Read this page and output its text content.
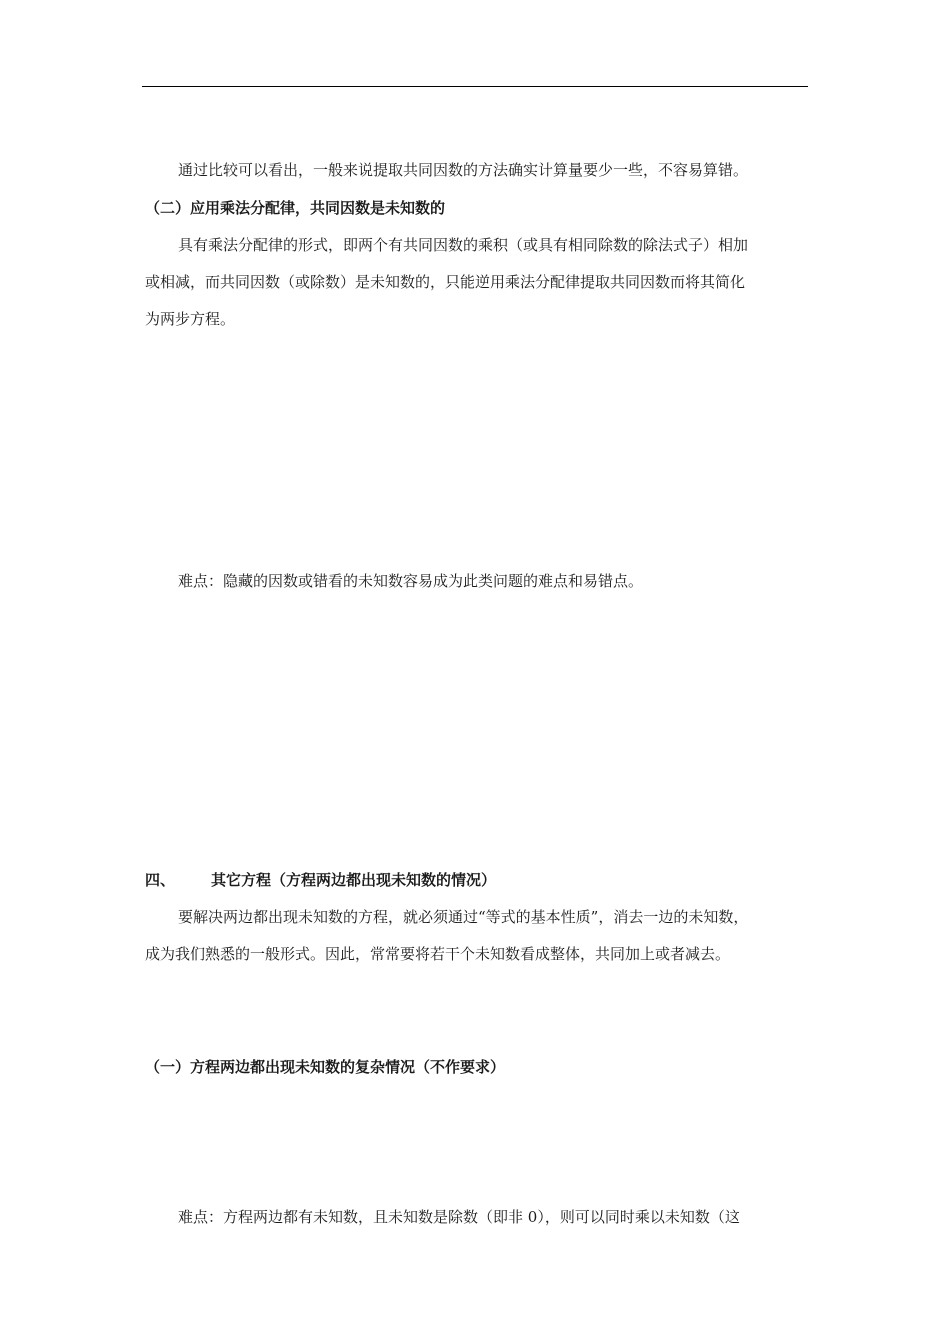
通过比较可以看出，一般来说提取共同因数的方法确实计算量要少一些，不容易算错。
（二）应用乘法分配律，共同因数是未知数的
具有乘法分配律的形式，即两个有共同因数的乘积（或具有相同除数的除法式子）相加
或相减，而共同因数（或除数）是未知数的，只能逆用乘法分配律提取共同因数而将其简化
为两步方程。
难点：隐藏的因数或错看的未知数容易成为此类问题的难点和易错点。
四、 其它方程（方程两边都出现未知数的情况）
要解决两边都出现未知数的方程，就必须通过“等式的基本性质”，消去一边的未知数，
成为我们熟悉的一般形式。因此，常常要将若干个未知数看成整体，共同加上或者减去。
（一）方程两边都出现未知数的复杂情况（不作要求）
难点：方程两边都有未知数，且未知数是除数（即非 0），则可以同时乘以未知数（这
